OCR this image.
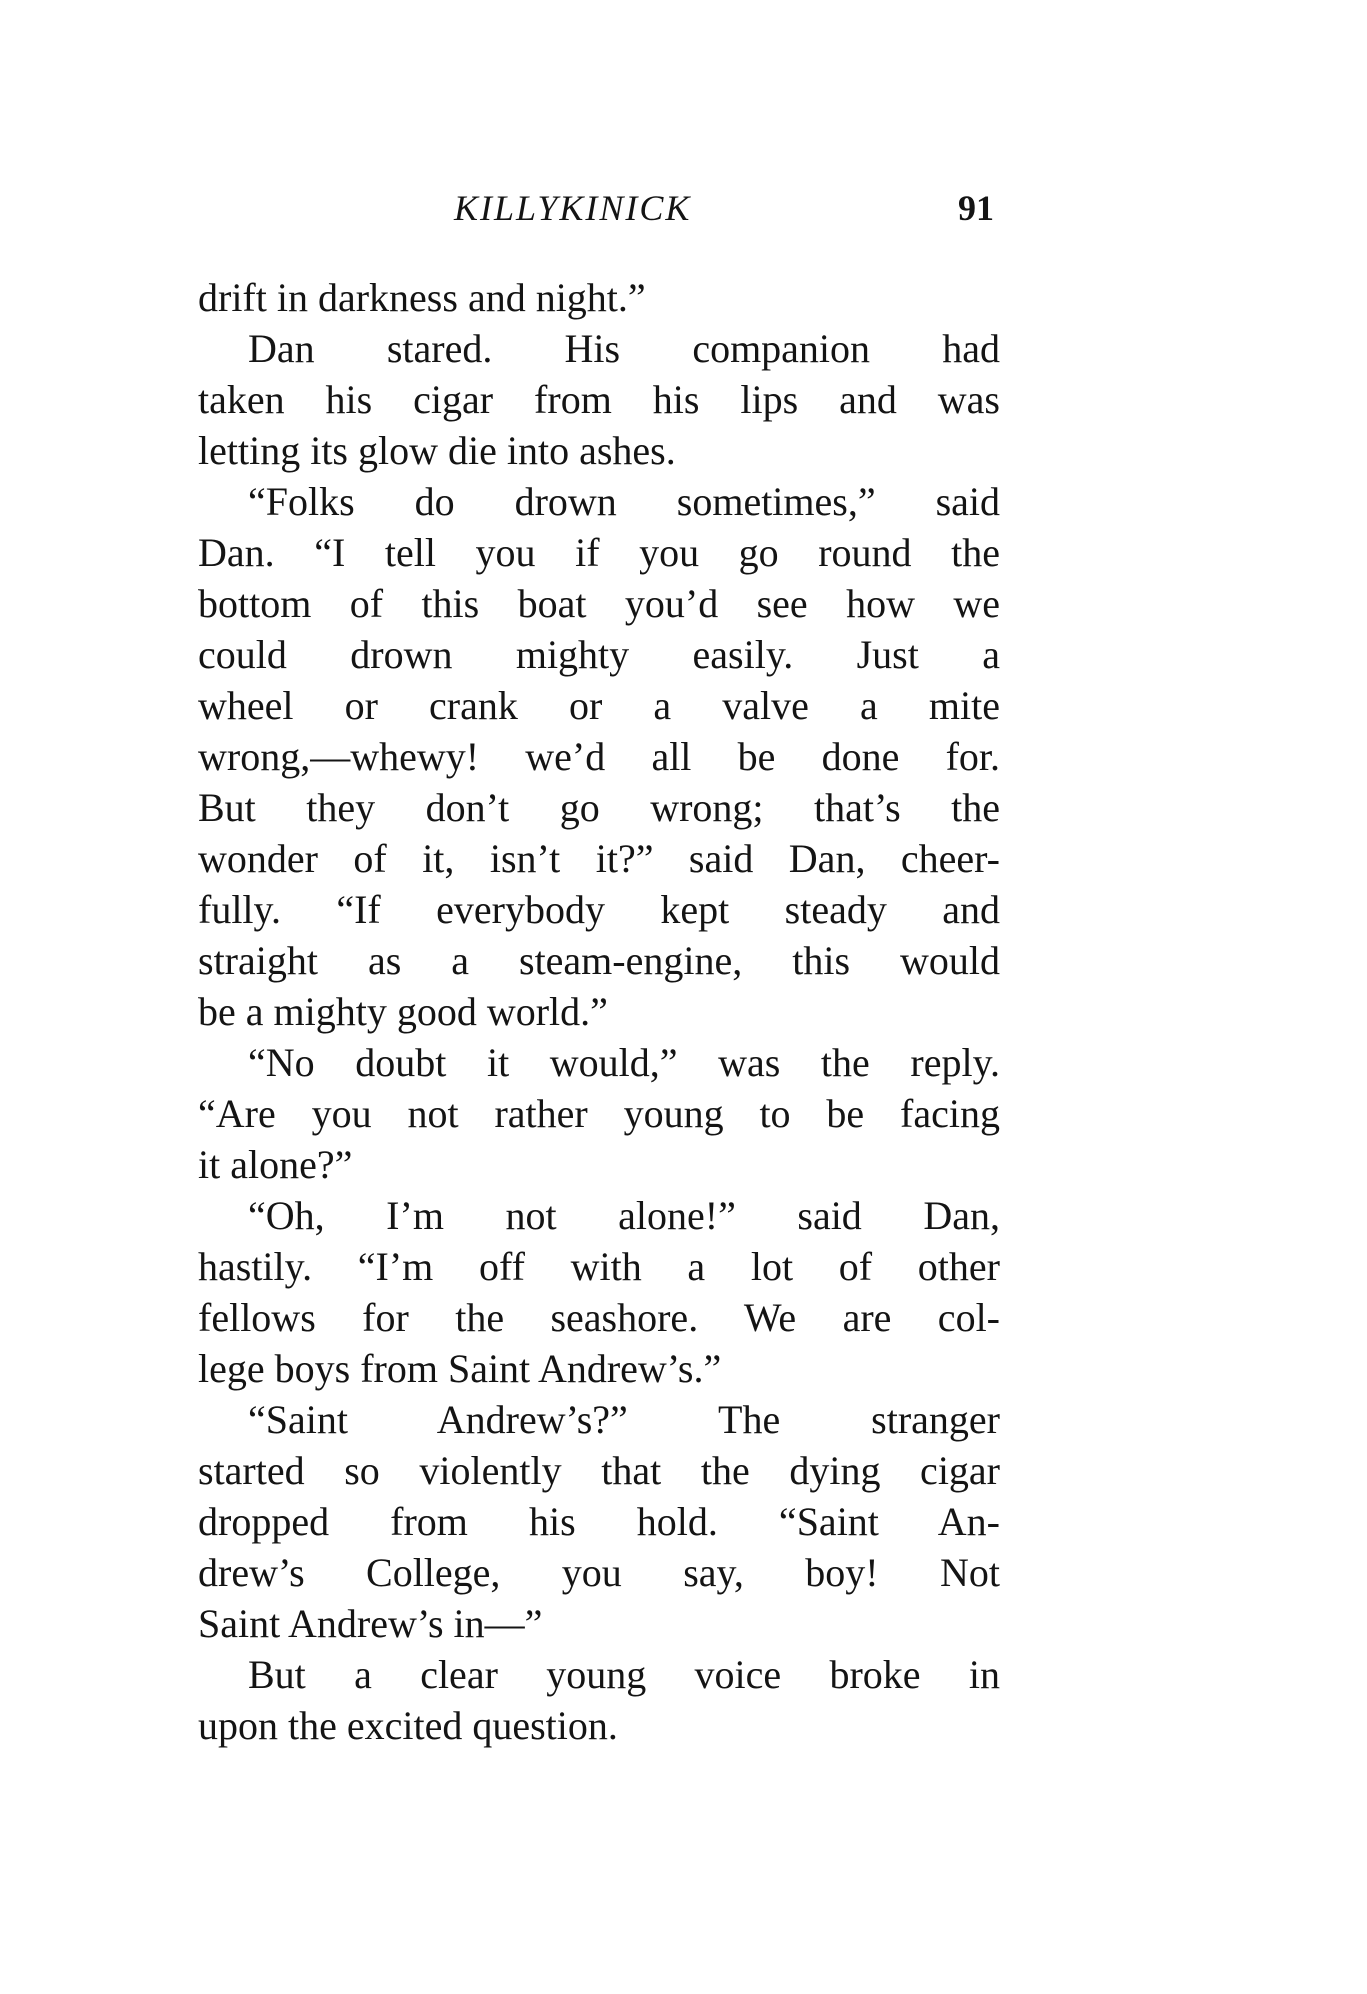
KILLYKINICK	91

drift in darkness and night.”

Dan stared. His companion had
taken his cigar from his lips and was
letting its glow die into ashes.

“Folks do drown sometimes,” said
Dan. “I tell you if you go round the
bottom of this boat you’d see how we
could drown mighty easily. Just a
wheel or crank or a valve a mite
wrong,—whewy! we’d all be done for.
But they don’t go wrong; that’s the
wonder of it, isn’t it?” said Dan, cheer-
fully. “If everybody kept steady and
straight as a steam-engine, this would
be a mighty good world.”

“No doubt it would,” was the reply.
“Are you not rather young to be facing
it alone?”

“Oh, I’m not alone!” said Dan,
hastily. “I’m off with a lot of other
fellows for the seashore. We are col-
lege boys from Saint Andrew’s.”

“Saint Andrew’s?” The stranger
started so violently that the dying cigar
dropped from his hold. “Saint An-
drew’s College, you say, boy! Not
Saint Andrew’s in—”

But a clear young voice broke in
upon the excited question.
